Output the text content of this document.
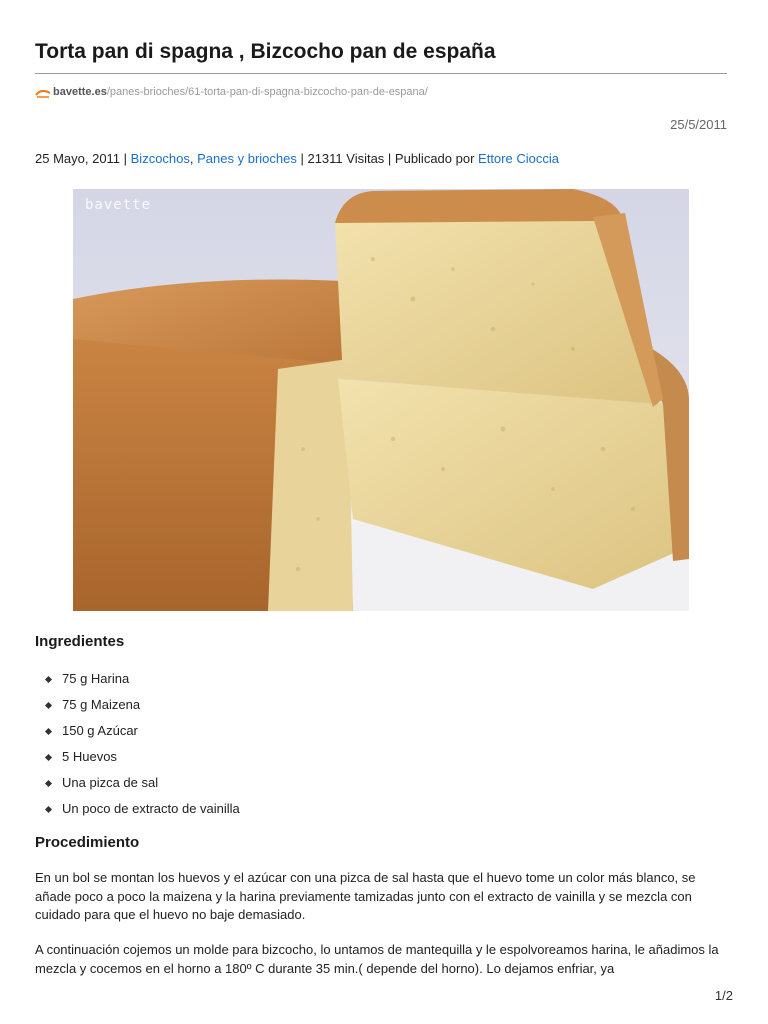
Torta pan di spagna , Bizcocho pan de españa
bavette.es/panes-brioches/61-torta-pan-di-spagna-bizcocho-pan-de-espana/
25/5/2011
25 Mayo, 2011 | Bizcochos, Panes y brioches | 21311 Visitas | Publicado por Ettore Cioccia
bavette
Ingredientes
75 g Harina
75 g Maizena
150 g Azúcar
5 Huevos
Una pizca de sal
Un poco de extracto de vainilla
Procedimiento

En un bol se montan los huevos y el azúcar con una pizca de sal hasta que el huevo tome un color más blanco, se añade poco a poco la maizena y la harina previamente tamizadas junto con el extracto de vainilla y se mezcla con cuidado para que el huevo no baje demasiado.

A continuación cojemos un molde para bizcocho, lo untamos de mantequilla y le espolvoreamos harina, le añadimos la mezcla y cocemos en el horno a 180º C durante 35 min.( depende del horno). Lo dejamos enfriar, ya

1/2
